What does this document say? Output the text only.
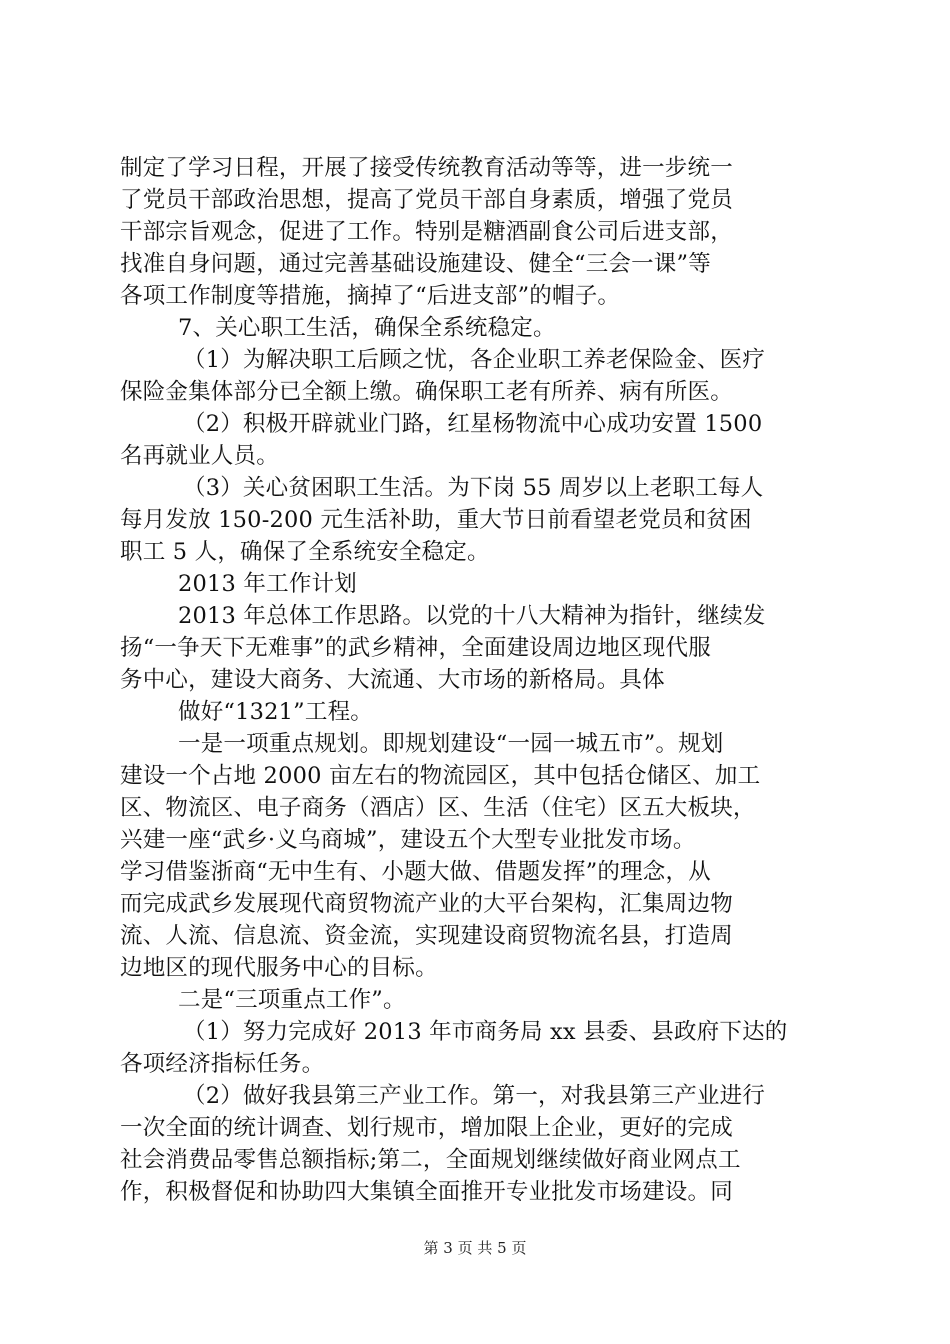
制定了学习日程，开展了接受传统教育活动等等，进一步统一
了党员干部政治思想，提高了党员干部自身素质，增强了党员
干部宗旨观念，促进了工作。特别是糖酒副食公司后进支部，
找准自身问题，通过完善基础设施建设、健全“三会一课”等
各项工作制度等措施，摘掉了“后进支部”的帽子。
7、关心职工生活，确保全系统稳定。
（1）为解决职工后顾之忧，各企业职工养老保险金、医疗
保险金集体部分已全额上缴。确保职工老有所养、病有所医。
（2）积极开辟就业门路，红星杨物流中心成功安置 1500
名再就业人员。
（3）关心贫困职工生活。为下岗 55 周岁以上老职工每人
每月发放 150-200 元生活补助，重大节日前看望老党员和贫困
职工 5 人，确保了全系统安全稳定。
2013 年工作计划
2013 年总体工作思路。以党的十八大精神为指针，继续发
扬“一争天下无难事”的武乡精神，全面建设周边地区现代服
务中心，建设大商务、大流通、大市场的新格局。具体
做好“1321”工程。
一是一项重点规划。即规划建设“一园一城五市”。规划
建设一个占地 2000 亩左右的物流园区，其中包括仓储区、加工
区、物流区、电子商务（酒店）区、生活（住宅）区五大板块，
兴建一座“武乡·义乌商城”，建设五个大型专业批发市场。
学习借鉴浙商“无中生有、小题大做、借题发挥”的理念，从
而完成武乡发展现代商贸物流产业的大平台架构，汇集周边物
流、人流、信息流、资金流，实现建设商贸物流名县，打造周
边地区的现代服务中心的目标。
二是“三项重点工作”。
（1）努力完成好 2013 年市商务局 xx 县委、县政府下达的
各项经济指标任务。
（2）做好我县第三产业工作。第一，对我县第三产业进行
一次全面的统计调查、划行规市，增加限上企业，更好的完成
社会消费品零售总额指标;第二，全面规划继续做好商业网点工
作，积极督促和协助四大集镇全面推开专业批发市场建设。同
第 3 页 共 5 页
